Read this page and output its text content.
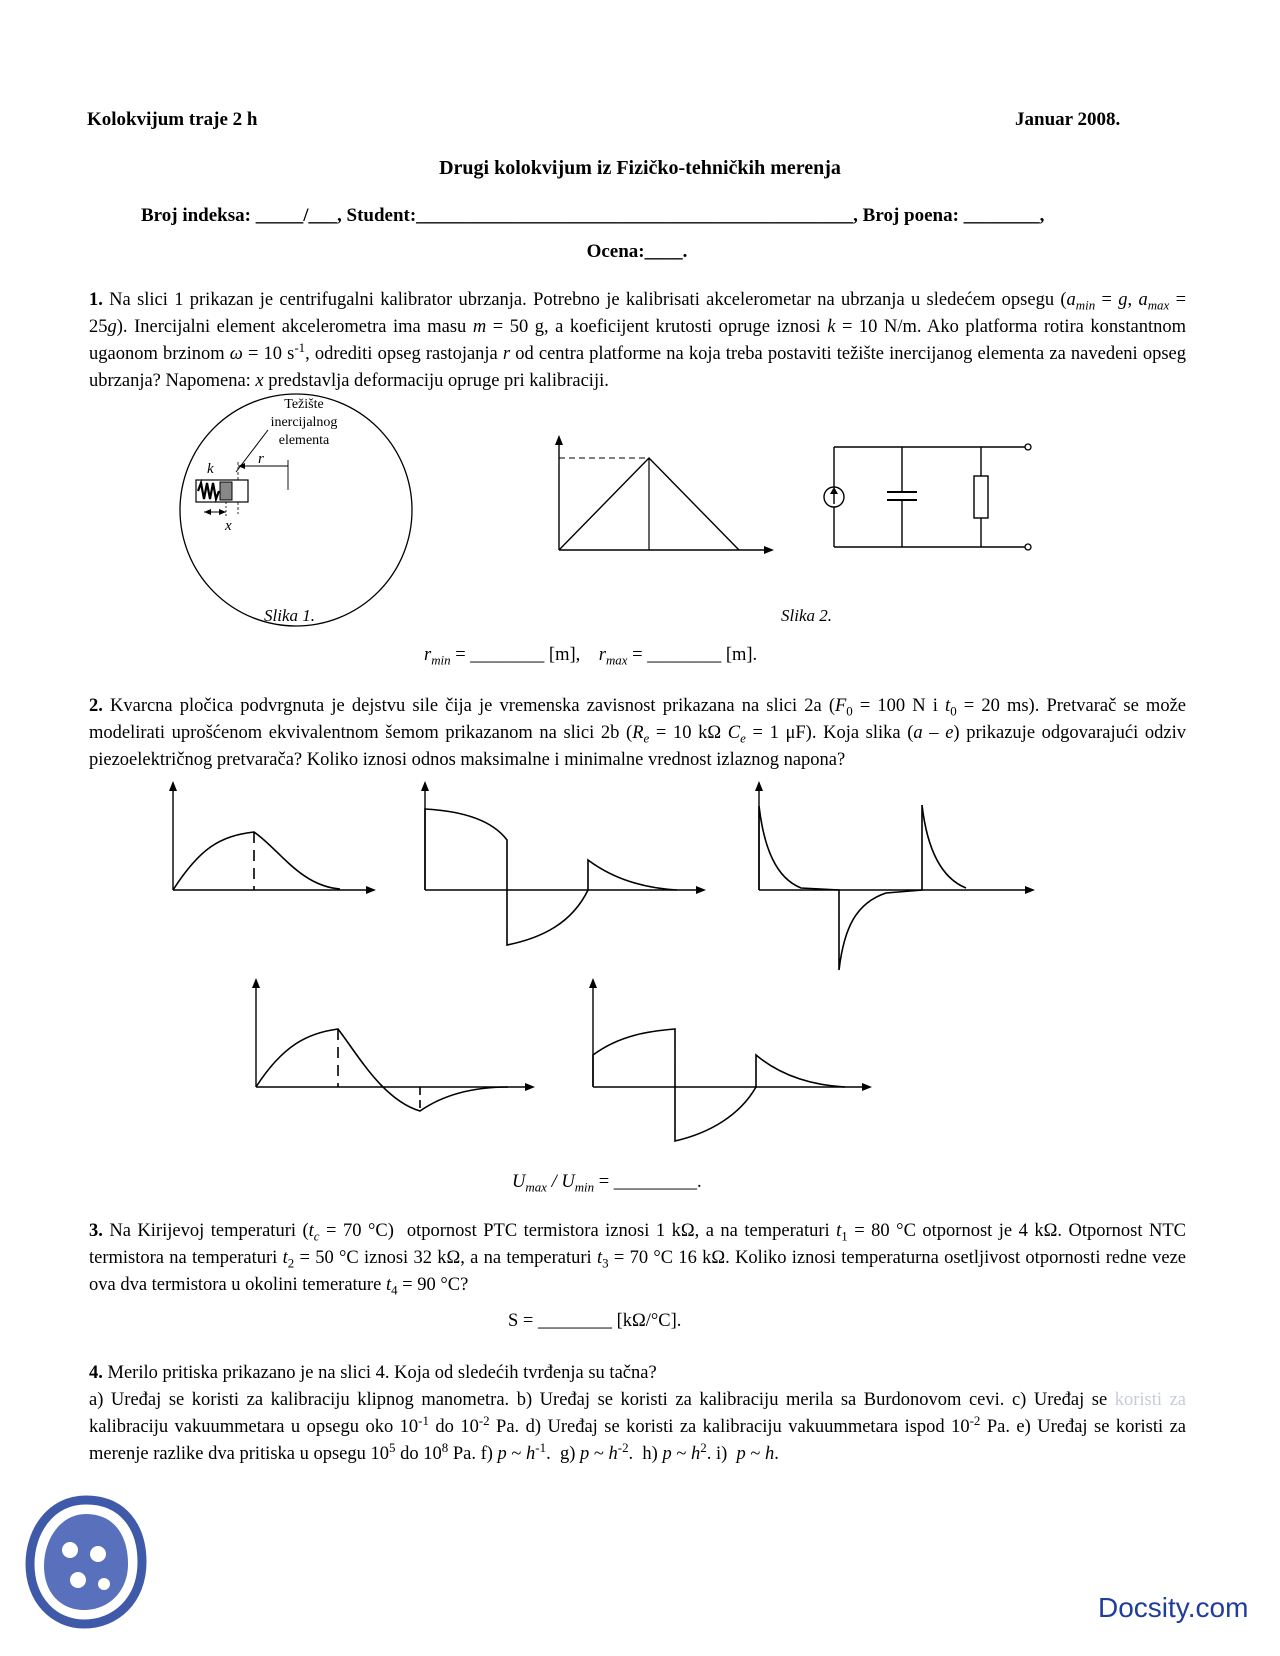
Kolokvijum traje 2 h	Januar 2008.
Drugi kolokvijum iz Fizičko-tehničkih merenja
Broj indeksa: _____/___, Student:______________________________________________, Broj poena: ________,
Ocena:____.
1. Na slici 1 prikazan je centrifugalni kalibrator ubrzanja. Potrebno je kalibrisati akcelerometar na ubrzanja u sledećem opsegu ($a_{min} = g$, $a_{max} = 25g$). Inercijalni element akcelerometra ima masu m = 50 g, a koeficijent krutosti opruge iznosi k = 10 N/m. Ako platforma rotira konstantnom ugaonom brzinom ω = 10 $s^{-1}$, odrediti opseg rastojanja r od centra platforme na koja treba postaviti težište inercijanog elementa za navedeni opseg ubrzanja? Napomena: x predstavlja deformaciju opruge pri kalibraciji.
Težište
inercijalnog
elementa
k
r
x
Slika 1.	Slika 2.
$r_{min}$ = ________ [m], $r_{max}$ = ________ [m].
2. Kvarcna pločica podvrgnuta je dejstvu sile čija je vremenska zavisnost prikazana na slici 2a ($F_0 = 100$ N i $t_0 = 20$ ms). Pretvarač se može modelirati uprošćenom ekvivalentnom šemom prikazanom na slici 2b ($R_e = 10$ kΩ $C_e = 1$ μF). Koja slika (a – e) prikazuje odgovarajući odziv piezoelektričnog pretvarača? Koliko iznosi odnos maksimalne i minimalne vrednost izlaznog napona?
$U_{max} / U_{min}$ = _________.
3. Na Kirijevoj temperaturi ($t_c = 70$ °C)  otpornost PTC termistora iznosi 1 kΩ, a na temperaturi $t_1 = 80$ °C otpornost je 4 kΩ. Otpornost NTC termistora na temperaturi $t_2 = 50$ °C iznosi 32 kΩ, a na temperaturi $t_3 = 70$ °C 16 kΩ. Koliko iznosi temperaturna osetljivost otpornosti redne veze ova dva termistora u okolini temerature $t_4 = 90$ °C?
S = ________ [kΩ/°C].
4. Merilo pritiska prikazano je na slici 4. Koja od sledećih tvrđenja su tačna?
a) Uređaj se koristi za kalibraciju klipnog manometra. b) Uređaj se koristi za kalibraciju merila sa Burdonovom cevi. c) Uređaj se koristi za kalibraciju vakuummetara u opsegu oko $10^{-1}$ do $10^{-2}$ Pa. d) Uređaj se koristi za kalibraciju vakuummetara ispod $10^{-2}$ Pa. e) Uređaj se koristi za merenje razlike dva pritiska u opsegu $10^5$ do $10^8$ Pa. f) p ~ $h^{-1}$.  g) p ~ $h^{-2}$.  h) p ~ $h^2$. i)  p ~ h.
Docsity.com
